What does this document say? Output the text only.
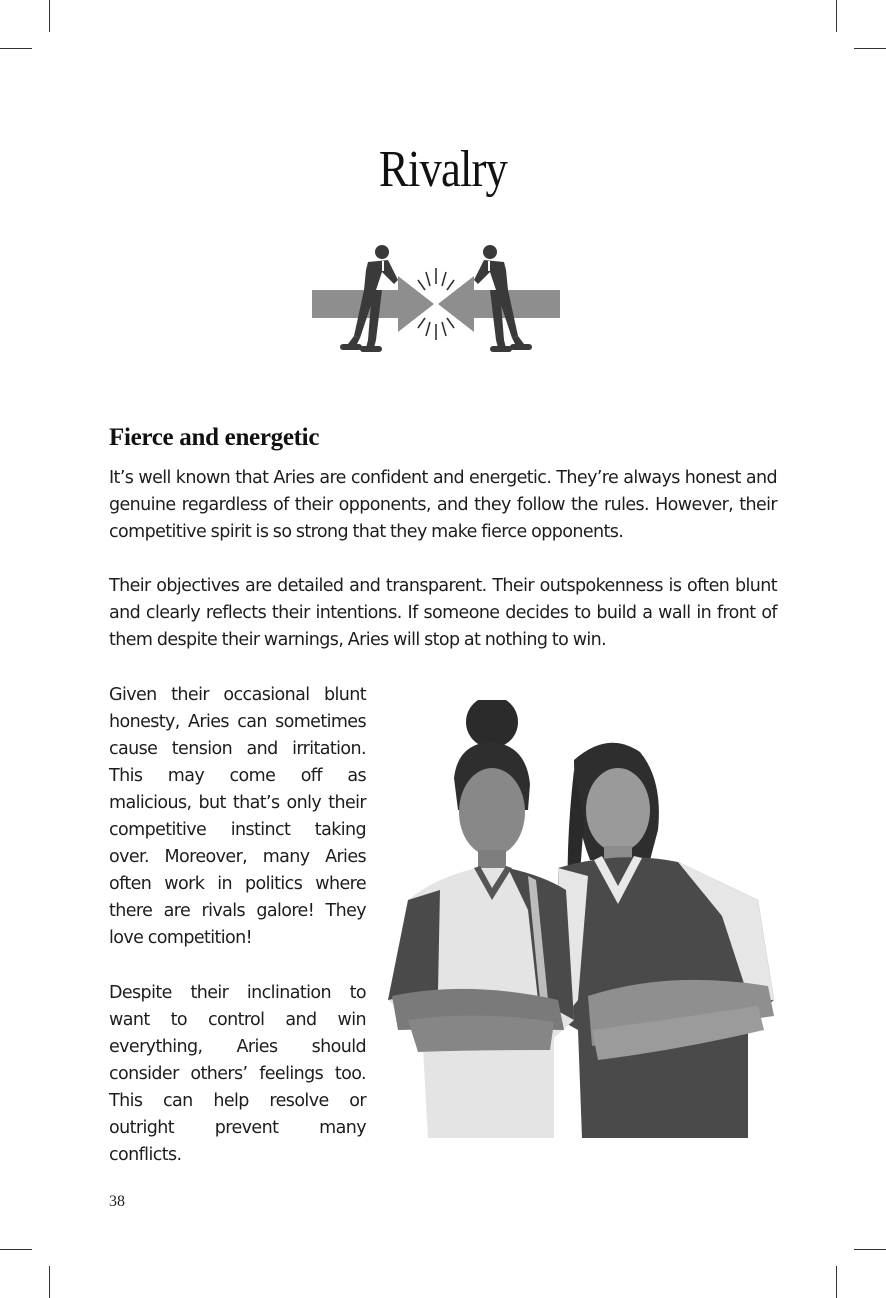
Rivalry
Fierce and energetic

It’s well known that Aries are confident and energetic. They’re always honest and genuine regardless of their opponents, and they follow the rules. However, their competitive spirit is so strong that they make fierce opponents.

Their objectives are detailed and transparent. Their outspokenness is often blunt and clearly reflects their intentions. If someone decides to build a wall in front of them despite their warnings, Aries will stop at nothing to win.

Given their occasional blunt honesty, Aries can sometimes cause tension and irritation. This may come off as malicious, but that’s only their competitive instinct taking over. Moreover, many Aries often work in politics where there are rivals galore! They love competition!

Despite their inclination to want to control and win everything, Aries should consider others’ feelings too. This can help resolve or outright prevent many conflicts.

38
